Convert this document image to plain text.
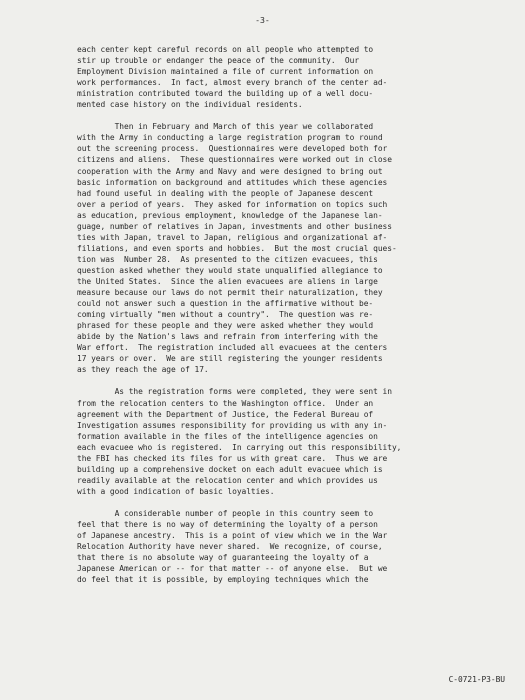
-3-
each center kept careful records on all people who attempted to
stir up trouble or endanger the peace of the community.  Our
Employment Division maintained a file of current information on
work performances.  In fact, almost every branch of the center ad-
ministration contributed toward the building up of a well docu-
mented case history on the individual residents.
Then in February and March of this year we collaborated
with the Army in conducting a large registration program to round
out the screening process.  Questionnaires were developed both for
citizens and aliens.  These questionnaires were worked out in close
cooperation with the Army and Navy and were designed to bring out
basic information on background and attitudes which these agencies
had found useful in dealing with the people of Japanese descent
over a period of years.  They asked for information on topics such
as education, previous employment, knowledge of the Japanese lan-
guage, number of relatives in Japan, investments and other business
ties with Japan, travel to Japan, religious and organizational af-
filiations, and even sports and hobbies.  But the most crucial ques-
tion was  Number 28.  As presented to the citizen evacuees, this
question asked whether they would state unqualified allegiance to
the United States.  Since the alien evacuees are aliens in large
measure because our laws do not permit their naturalization, they
could not answer such a question in the affirmative without be-
coming virtually "men without a country".  The question was re-
phrased for these people and they were asked whether they would
abide by the Nation's laws and refrain from interfering with the
War effort.  The registration included all evacuees at the centers
17 years or over.  We are still registering the younger residents
as they reach the age of 17.
As the registration forms were completed, they were sent in
from the relocation centers to the Washington office.  Under an
agreement with the Department of Justice, the Federal Bureau of
Investigation assumes responsibility for providing us with any in-
formation available in the files of the intelligence agencies on
each evacuee who is registered.  In carrying out this responsibility,
the FBI has checked its files for us with great care.  Thus we are
building up a comprehensive docket on each adult evacuee which is
readily available at the relocation center and which provides us
with a good indication of basic loyalties.
A considerable number of people in this country seem to
feel that there is no way of determining the loyalty of a person
of Japanese ancestry.  This is a point of view which we in the War
Relocation Authority have never shared.  We recognize, of course,
that there is no absolute way of guaranteeing the loyalty of a
Japanese American or -- for that matter -- of anyone else.  But we
do feel that it is possible, by employing techniques which the
C-0721-P3-BU
